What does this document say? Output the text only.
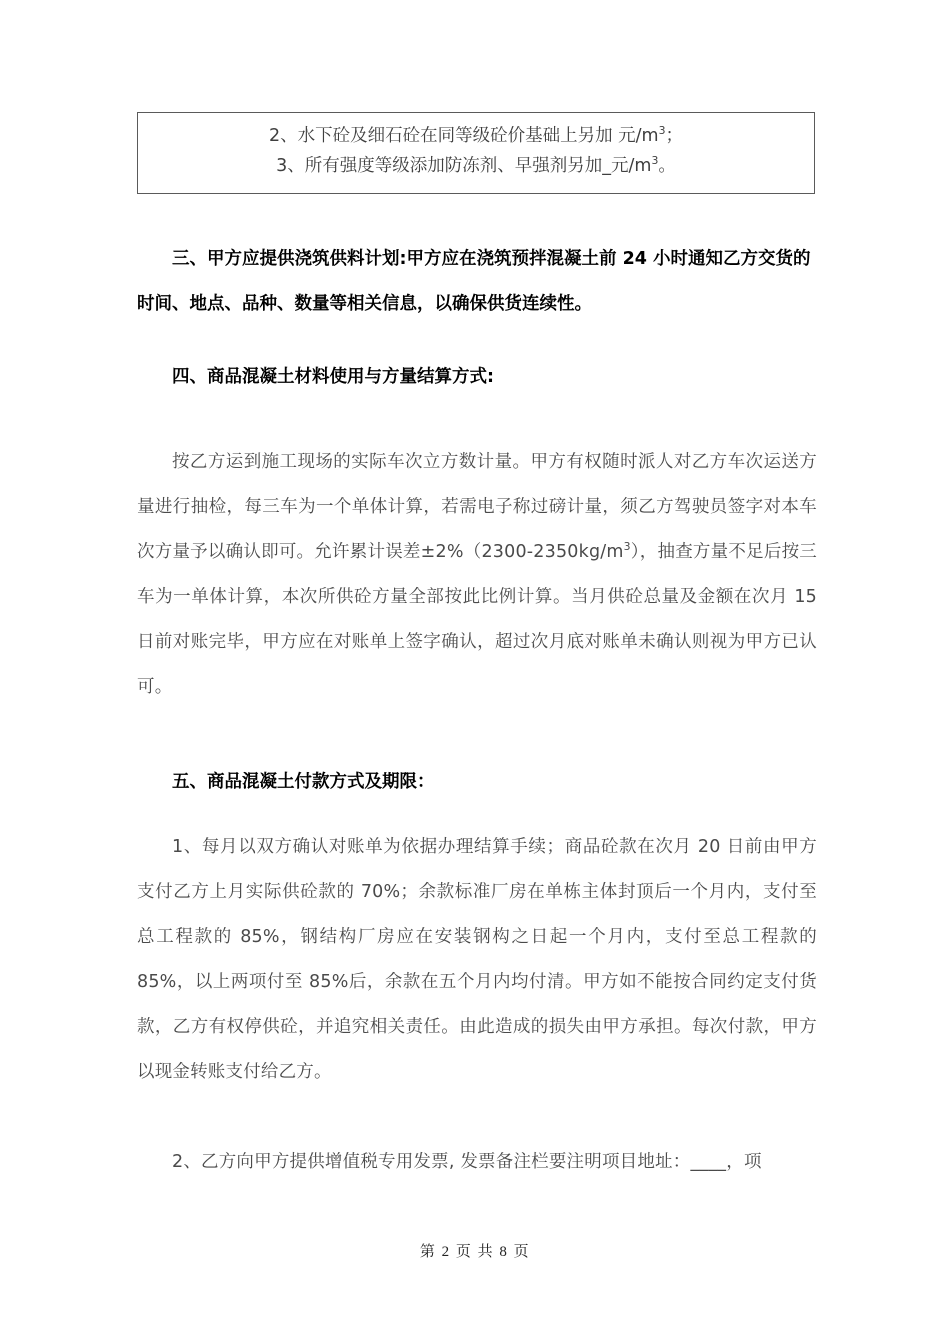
2、水下砼及细石砼在同等级砼价基础上另加 元$/m^3$；
3、所有强度等级添加防冻剂、早强剂另加_元$/m^3$。
三、甲方应提供浇筑供料计划:甲方应在浇筑预拌混凝土前 24 小时通知乙方交货的时间、地点、品种、数量等相关信息，以确保供货连续性。
四、商品混凝土材料使用与方量结算方式:
按乙方运到施工现场的实际车次立方数计量。甲方有权随时派人对乙方车次运送方量进行抽检，每三车为一个单体计算，若需电子称过磅计量，须乙方驾驶员签字对本车次方量予以确认即可。允许累计误差$\pm 2\%(2300-2350kg/m^3)$，抽查方量不足后按三车为一单体计算，本次所供砼方量全部按此比例计算。当月供砼总量及金额在次月 15 日前对账完毕，甲方应在对账单上签字确认，超过次月底对账单未确认则视为甲方已认可。
五、商品混凝土付款方式及期限：
1、每月以双方确认对账单为依据办理结算手续；商品砼款在次月 20 日前由甲方支付乙方上月实际供砼款的 70%；余款标准厂房在单栋主体封顶后一个月内，支付至总工程款的 85%，钢结构厂房应在安装钢构之日起一个月内，支付至总工程款的 85%，以上两项付至 85%后，余款在五个月内均付清。甲方如不能按合同约定支付货款，乙方有权停供砼，并追究相关责任。由此造成的损失由甲方承担。每次付款，甲方以现金转账支付给乙方。
2、乙方向甲方提供增值税专用发票, 发票备注栏要注明项目地址：____，项
第 2 页 共 8 页
